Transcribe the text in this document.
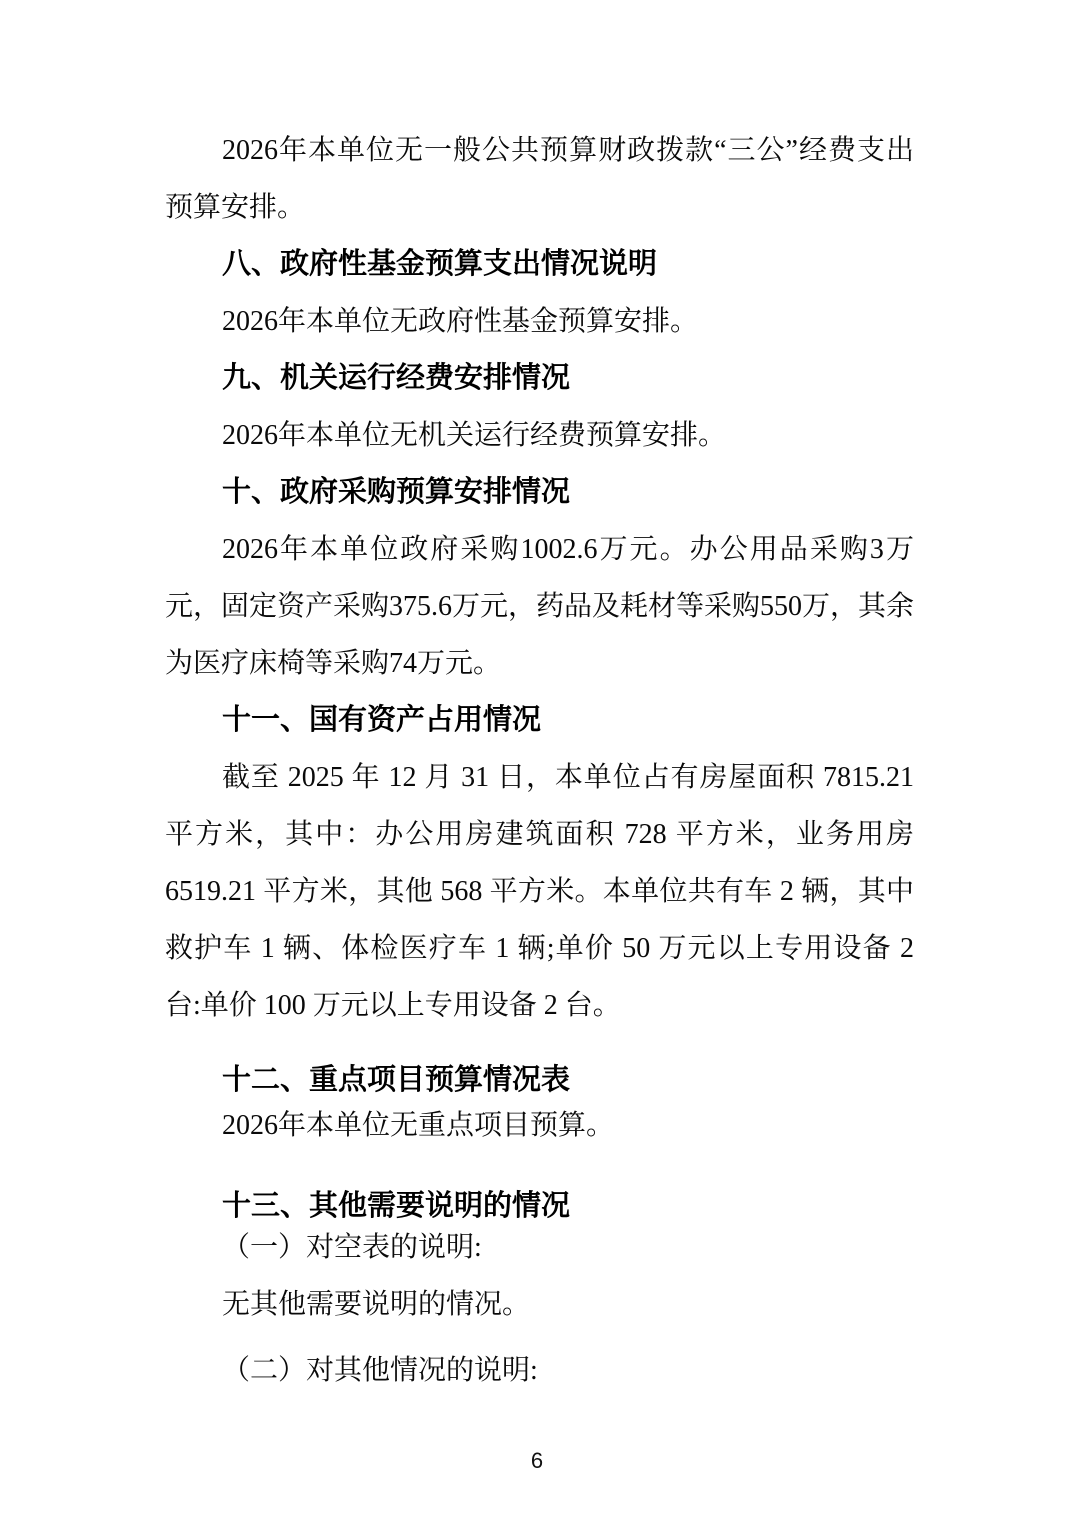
2026年本单位无一般公共预算财政拨款“三公”经费支出预算安排。

八、政府性基金预算支出情况说明

2026年本单位无政府性基金预算安排。

九、机关运行经费安排情况

2026年本单位无机关运行经费预算安排。

十、政府采购预算安排情况

2026年本单位政府采购1002.6万元。办公用品采购3万元，固定资产采购375.6万元，药品及耗材等采购550万，其余为医疗床椅等采购74万元。

十一、国有资产占用情况

截至 2025 年 12 月 31 日，本单位占有房屋面积 7815.21 平方米，其中：办公用房建筑面积 728 平方米，业务用房 6519.21 平方米，其他 568 平方米。本单位共有车 2 辆，其中救护车 1 辆、体检医疗车 1 辆;单价 50 万元以上专用设备 2 台:单价 100 万元以上专用设备 2 台。

十二、重点项目预算情况表

2026年本单位无重点项目预算。

十三、其他需要说明的情况

（一）对空表的说明:

无其他需要说明的情况。

（二）对其他情况的说明:

6
